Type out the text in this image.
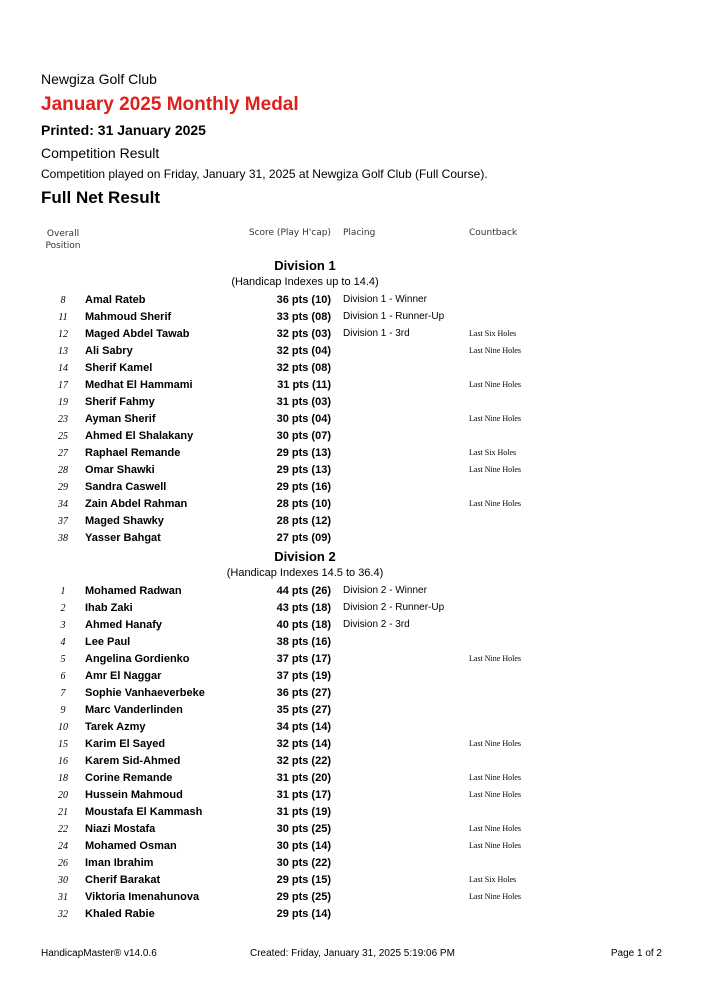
Newgiza Golf Club
January 2025 Monthly Medal
Printed: 31 January 2025
Competition Result
Competition played on Friday, January 31, 2025 at Newgiza Golf Club (Full Course).
Full Net Result
Overall
Position
Score (Play H'cap) Placing	Countback
Division 1
(Handicap Indexes up to 14.4)
8	Amal Rateb	36 pts (10) Division 1 - Winner
11	Mahmoud Sherif	33 pts (08) Division 1 - Runner-Up
12	Maged Abdel Tawab	32 pts (03) Division 1 - 3rd	Last Six Holes
13	Ali Sabry	32 pts (04)	Last Nine Holes
14	Sherif Kamel	32 pts (08)
17	Medhat El Hammami	31 pts (11)	Last Nine Holes
19	Sherif Fahmy	31 pts (03)
23	Ayman Sherif	30 pts (04)	Last Nine Holes
25	Ahmed El Shalakany	30 pts (07)
27	Raphael Remande	29 pts (13)	Last Six Holes
28	Omar Shawki	29 pts (13)	Last Nine Holes
29	Sandra Caswell	29 pts (16)
34	Zain Abdel Rahman	28 pts (10)	Last Nine Holes
37	Maged Shawky	28 pts (12)
38	Yasser Bahgat	27 pts (09)
Division 2
(Handicap Indexes 14.5 to 36.4)
1	Mohamed Radwan	44 pts (26) Division 2 - Winner
2	Ihab Zaki	43 pts (18) Division 2 - Runner-Up
3	Ahmed Hanafy	40 pts (18) Division 2 - 3rd
4	Lee Paul	38 pts (16)
5	Angelina Gordienko	37 pts (17)	Last Nine Holes
6	Amr El Naggar	37 pts (19)
7	Sophie Vanhaeverbeke	36 pts (27)
9	Marc Vanderlinden	35 pts (27)
10	Tarek Azmy	34 pts (14)
15	Karim El Sayed	32 pts (14)	Last Nine Holes
16	Karem Sid-Ahmed	32 pts (22)
18	Corine Remande	31 pts (20)	Last Nine Holes
20	Hussein Mahmoud	31 pts (17)	Last Nine Holes
21	Moustafa El Kammash	31 pts (19)
22	Niazi Mostafa	30 pts (25)	Last Nine Holes
24	Mohamed Osman	30 pts (14)	Last Nine Holes
26	Iman Ibrahim	30 pts (22)
30	Cherif Barakat	29 pts (15)	Last Six Holes
31	Viktoria Imenahunova	29 pts (25)	Last Nine Holes
32	Khaled Rabie	29 pts (14)
HandicapMaster® v14.0.6	Created: Friday, January 31, 2025 5:19:06 PM	Page 1 of 2
